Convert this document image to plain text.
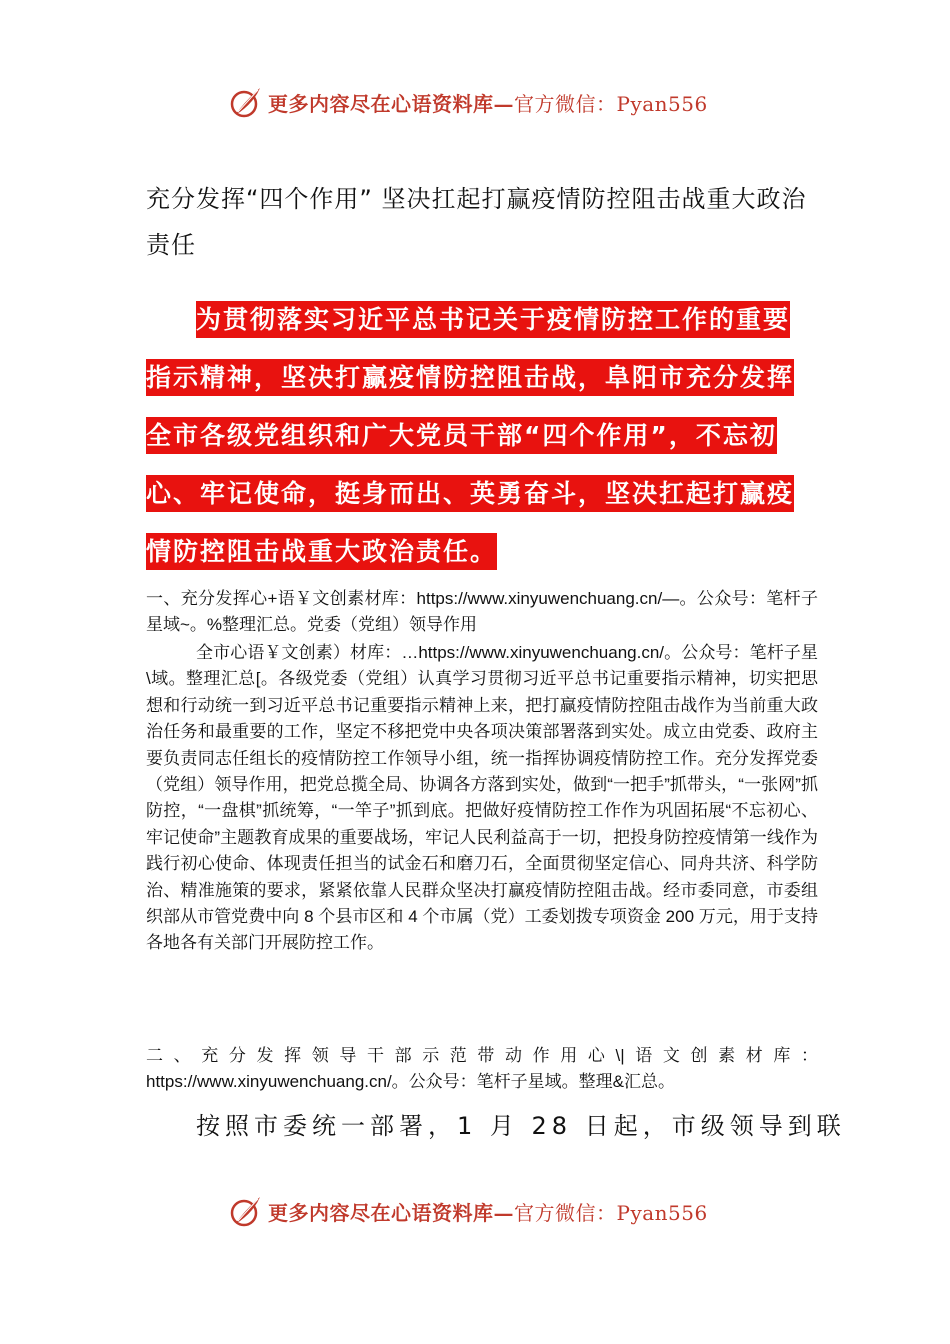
更多内容尽在心语资料库—官方微信：Pyan556
充分发挥“四个作用” 坚决扛起打赢疫情防控阻击战重大政治责任
为贯彻落实习近平总书记关于疫情防控工作的重要指示精神，坚决打赢疫情防控阻击战，阜阳市充分发挥全市各级党组织和广大党员干部“四个作用”，不忘初心、牢记使命，挺身而出、英勇奋斗，坚决扛起打赢疫情防控阻击战重大政治责任。
一、充分发挥心+语￥文创素材库：https://www.xinyuwenchuang.cn/—。公众号：笔杆子星域~。%整理汇总。党委（党组）领导作用
全市心语￥文创素）材库：…https://www.xinyuwenchuang.cn/。公众号：笔杆子星\域。整理汇总[。各级党委（党组）认真学习贯彻习近平总书记重要指示精神，切实把思想和行动统一到习近平总书记重要指示精神上来，把打赢疫情防控阻击战作为当前重大政治任务和最重要的工作，坚定不移把党中央各项决策部署落到实处。成立由党委、政府主要负责同志任组长的疫情防控工作领导小组，统一指挥协调疫情防控工作。充分发挥党委（党组）领导作用，把党总揽全局、协调各方落到实处，做到“一把手”抓带头，“一张网”抓防控，“一盘棋”抓统筹，“一竿子”抓到底。把做好疫情防控工作作为巩固拓展“不忘初心、牢记使命”主题教育成果的重要战场，牢记人民利益高于一切，把投身防控疫情第一线作为践行初心使命、体现责任担当的试金石和磨刀石，全面贯彻坚定信心、同舟共济、科学防治、精准施策的要求，紧紧依靠人民群众坚决打赢疫情防控阻击战。经市委同意，市委组织部从市管党费中向 8 个县市区和 4 个市属（党）工委划拨专项资金 200 万元，用于支持各地各有关部门开展防控工作。
二、充分发挥领导干部示范带动作用心\|语文创素材库：https://www.xinyuwenchuang.cn/。公众号：笔杆子星域。整理&汇总。
按照市委统一部署，1 月 28 日起，市级领导到联
更多内容尽在心语资料库—官方微信：Pyan556
